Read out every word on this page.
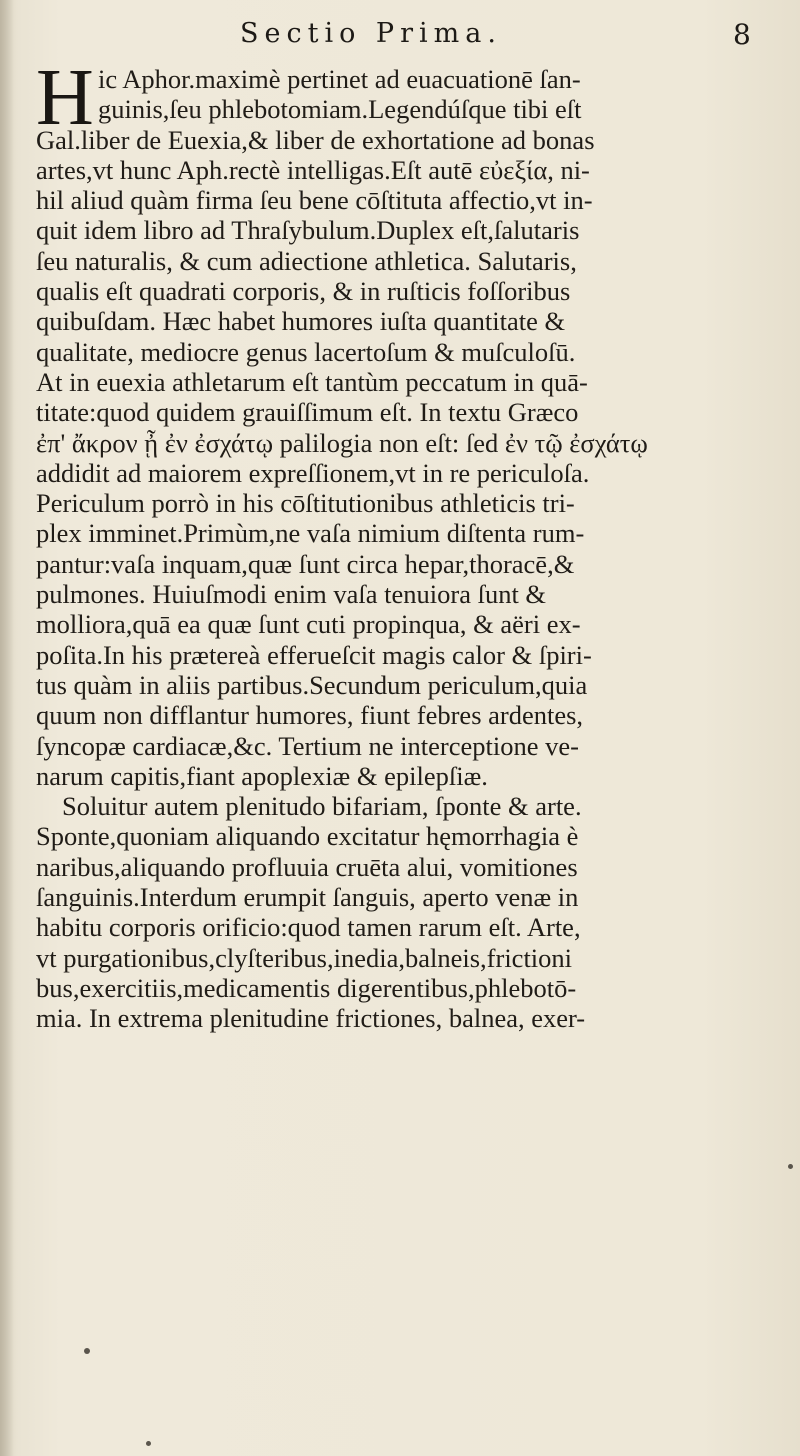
Sectio Prima.	8
H ic Aphor.maximè pertinet ad euacuationē ſan-
guinis,ſeu phlebotomiam.Legendúſque tibi eſt
Gal.liber de Euexia,& liber de exhortatione ad bonas
artes,vt hunc Aph.rectè intelligas.Eſt autē εὐεξία, ni-
hil aliud quàm firma ſeu bene cōſtituta affectio,vt in-
quit idem libro ad Thraſybulum.Duplex eſt,ſalutaris
ſeu naturalis, & cum adiectione athletica. Salutaris,
qualis eſt quadrati corporis, & in ruſticis foſſoribus
quibuſdam. Hæc habet humores iuſta quantitate &
qualitate, mediocre genus lacertoſum & muſculoſū.
At in euexia athletarum eſt tantùm peccatum in quā-
titate:quod quidem grauiſſimum eſt. In textu Græco
ἐπ' ἄκρον ᾖ ἐν ἐσχάτῳ palilogia non eſt: ſed ἐν τῷ ἐσχάτῳ
addidit ad maiorem expreſſionem,vt in re periculoſa.
Periculum porrò in his cōſtitutionibus athleticis tri-
plex imminet.Primùm,ne vaſa nimium diſtenta rum-
pantur:vaſa inquam,quæ ſunt circa hepar,thoracē,&
pulmones. Huiuſmodi enim vaſa tenuiora ſunt &
molliora,quā ea quæ ſunt cuti propinqua, & aëri ex-
poſita.In his prætereà efferueſcit magis calor & ſpiri-
tus quàm in aliis partibus.Secundum periculum,quia
quum non difflantur humores, fiunt febres ardentes,
ſyncopæ cardiacæ,&c. Tertium ne interceptione ve-
narum capitis,fiant apoplexiæ & epilepſiæ.
Soluitur autem plenitudo bifariam, ſponte & arte.
Sponte,quoniam aliquando excitatur hęmorrhagia è
naribus,aliquando profluuia cruēta alui, vomitiones
ſanguinis.Interdum erumpit ſanguis, aperto venæ in
habitu corporis orificio:quod tamen rarum eſt. Arte,
vt purgationibus,clyſteribus,inedia,balneis,frictioni
bus,exercitiis,medicamentis digerentibus,phlebotō-
mia. In extrema plenitudine frictiones, balnea, exer-
